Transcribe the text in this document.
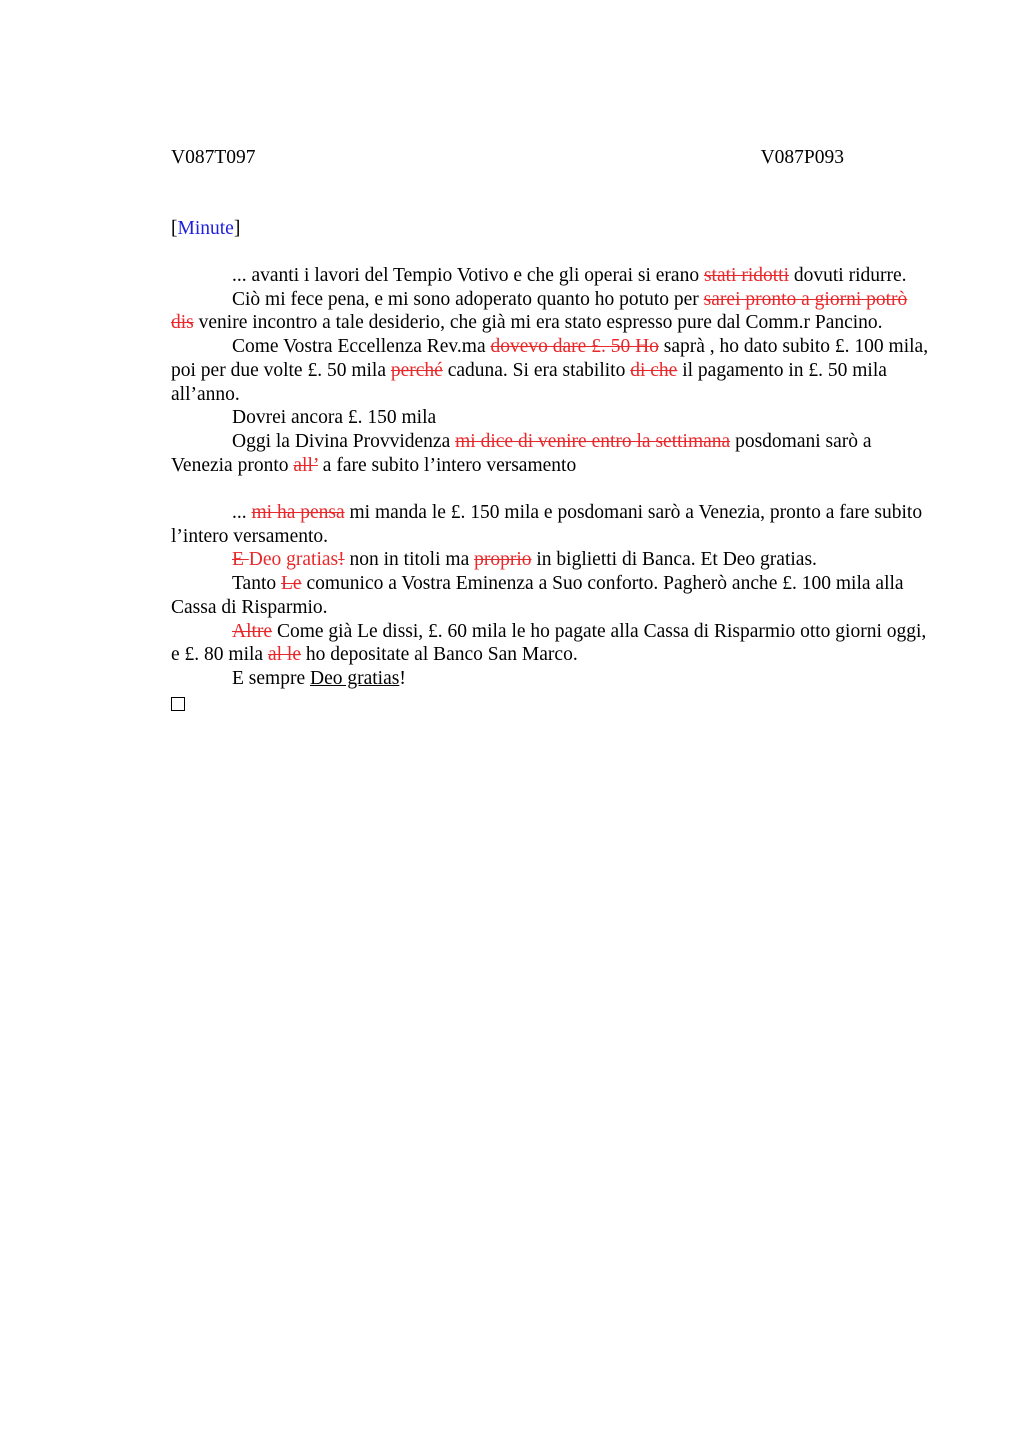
V087T097	V087P093
[Minute]

... avanti i lavori del Tempio Votivo e che gli operai si erano stati ridotti dovuti ridurre.

Ciò mi fece pena, e mi sono adoperato quanto ho potuto per sarei pronto a giorni potrò dis venire incontro a tale desiderio, che già mi era stato espresso pure dal Comm.r Pancino.

Come Vostra Eccellenza Rev.ma dovevo dare £. 50 Ho saprà , ho dato subito £. 100 mila, poi per due volte £. 50 mila perché caduna. Si era stabilito di che il pagamento in £. 50 mila all’anno.

Dovrei ancora £. 150 mila

Oggi la Divina Provvidenza mi dice di venire entro la settimana posdomani sarò a Venezia pronto all’ a fare subito l’intero versamento

... mi ha pensa mi manda le £. 150 mila e posdomani sarò a Venezia, pronto a fare subito l’intero versamento.

E Deo gratias! non in titoli ma proprio in biglietti di Banca. Et Deo gratias.

Tanto Le comunico a Vostra Eminenza a Suo conforto. Pagherò anche £. 100 mila alla Cassa di Risparmio.

Altre Come già Le dissi, £. 60 mila le ho pagate alla Cassa di Risparmio otto giorni oggi, e £. 80 mila al le ho depositate al Banco San Marco.

E sempre Deo gratias!
